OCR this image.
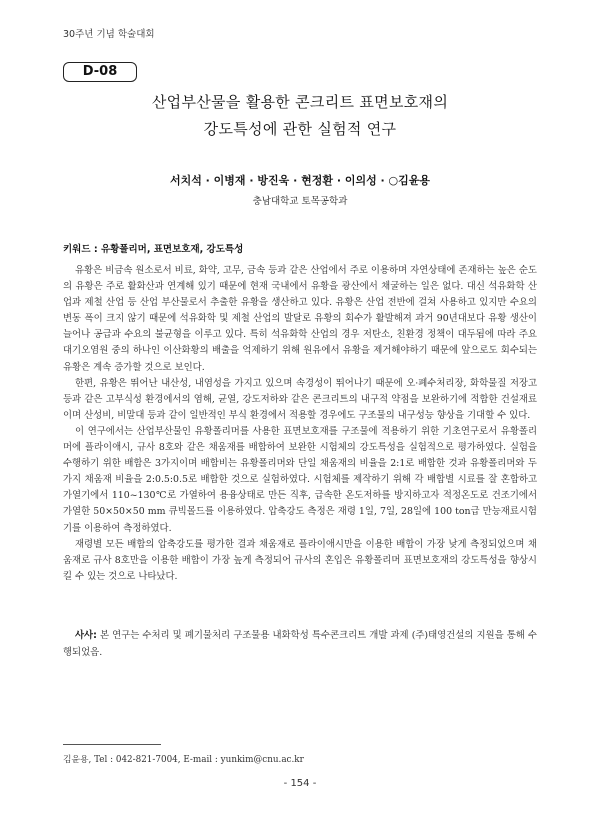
30주년 기념 학술대회
D-08
산업부산물을 활용한 콘크리트 표면보호재의
강도특성에 관한 실험적 연구
서치석 · 이병재 · 방진욱 · 현정환 · 이의성 · ○김윤용
충남대학교 토목공학과
키워드 : 유황폴리머, 표면보호재, 강도특성

유황은 비금속 원소로서 비료, 화약, 고무, 금속 등과 같은 산업에서 주로 이용하며 자연상태에 존재하는 높은 순도의 유황은 주로 활화산과 연계해 있기 때문에 현재 국내에서 유황을 광산에서 채굴하는 일은 없다. 대신 석유화학 산업과 제철 산업 등 산업 부산물로서 추출한 유황을 생산하고 있다. 유황은 산업 전반에 걸쳐 사용하고 있지만 수요의 변동 폭이 크지 않기 때문에 석유화학 및 제철 산업의 발달로 유황의 회수가 활발해져 과거 90년대보다 유황 생산이 늘어나 공급과 수요의 불균형을 이루고 있다. 특히 석유화학 산업의 경우 저탄소, 친환경 정책이 대두됨에 따라 주요 대기오염원 중의 하나인 이산화황의 배출을 억제하기 위해 원유에서 유황을 제거해야하기 때문에 앞으로도 회수되는 유황은 계속 증가할 것으로 보인다.

한편, 유황은 뛰어난 내산성, 내염성을 가지고 있으며 속경성이 뛰어나기 때문에 오·폐수처리장, 화학물질 저장고 등과 같은 고부식성 환경에서의 염해, 균열, 강도저하와 같은 콘크리트의 내구적 약점을 보완하기에 적합한 건설재료이며 산성비, 비말대 등과 같이 일반적인 부식 환경에서 적용할 경우에도 구조물의 내구성능 향상을 기대할 수 있다.

이 연구에서는 산업부산물인 유황폴리머를 사용한 표면보호재를 구조물에 적용하기 위한 기초연구로서 유황폴리머에 플라이애시, 규사 8호와 같은 채움재를 배합하여 보완한 시험체의 강도특성을 실험적으로 평가하였다. 실험을 수행하기 위한 배합은 3가지이며 배합비는 유황폴리머와 단일 채움재의 비율을 2:1로 배합한 것과 유황폴리머와 두 가지 채움재 비율을 2:0.5:0.5로 배합한 것으로 실험하였다. 시험체를 제작하기 위해 각 배합별 시료를 잘 혼합하고 가열기에서 110~130℃로 가열하여 용융상태로 만든 직후, 급속한 온도저하를 방지하고자 적정온도로 건조기에서 가열한 50×50×50 mm 큐빅몰드를 이용하였다. 압축강도 측정은 재령 1일, 7일, 28일에 100 ton급 만능재료시험기를 이용하여 측정하였다.

재령별 모든 배합의 압축강도를 평가한 결과 채움재로 플라이애시만을 이용한 배합이 가장 낮게 측정되었으며 채움재로 규사 8호만을 이용한 배합이 가장 높게 측정되어 규사의 혼입은 유황폴리머 표면보호재의 강도특성을 향상시킬 수 있는 것으로 나타났다.

사사: 본 연구는 수처리 및 폐기물처리 구조물용 내화학성 특수콘크리트 개발 과제 (주)태영건설의 지원을 통해 수행되었음.
김윤용, Tel : 042-821-7004, E-mail : yunkim@cnu.ac.kr
- 154 -
